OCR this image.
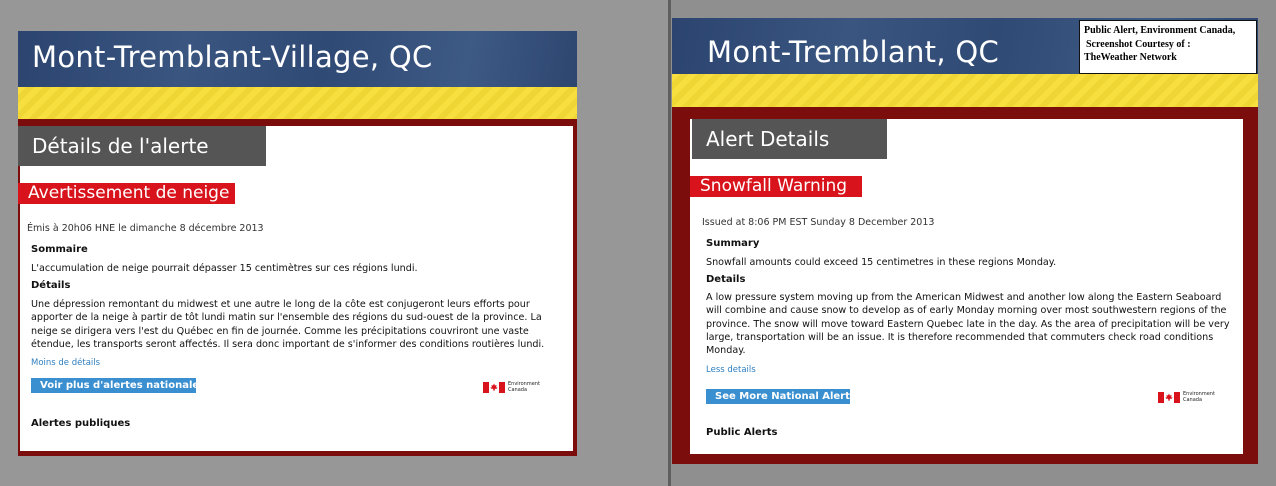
Mont-Tremblant-Village, QC
Détails de l'alerte
Avertissement de neige
Émis à 20h06 HNE le dimanche 8 décembre 2013
Sommaire
L'accumulation de neige pourrait dépasser 15 centimètres sur ces régions lundi.
Détails
Une dépression remontant du midwest et une autre le long de la côte est conjugeront leurs efforts pour
apporter de la neige à partir de tôt lundi matin sur l'ensemble des régions du sud-ouest de la province. La
neige se dirigera vers l'est du Québec en fin de journée. Comme les précipitations couvriront une vaste
étendue, les transports seront affectés. Il sera donc important de s'informer des conditions routières lundi.
Moins de détails
Voir plus d'alertes nationales	Environment
Canada
Alertes publiques
Mont-Tremblant, QC
Alert Details
Snowfall Warning
Issued at 8:06 PM EST Sunday 8 December 2013
Summary
Snowfall amounts could exceed 15 centimetres in these regions Monday.
Details
A low pressure system moving up from the American Midwest and another low along the Eastern Seaboard
will combine and cause snow to develop as of early Monday morning over most southwestern regions of the
province. The snow will move toward Eastern Quebec late in the day. As the area of precipitation will be very
large, transportation will be an issue. It is therefore recommended that commuters check road conditions
Monday.
Less details
See More National Alerts	Environment
Canada
Public Alerts
Public Alert, Environment Canada,
Screenshot Courtesy of :
TheWeather Network
